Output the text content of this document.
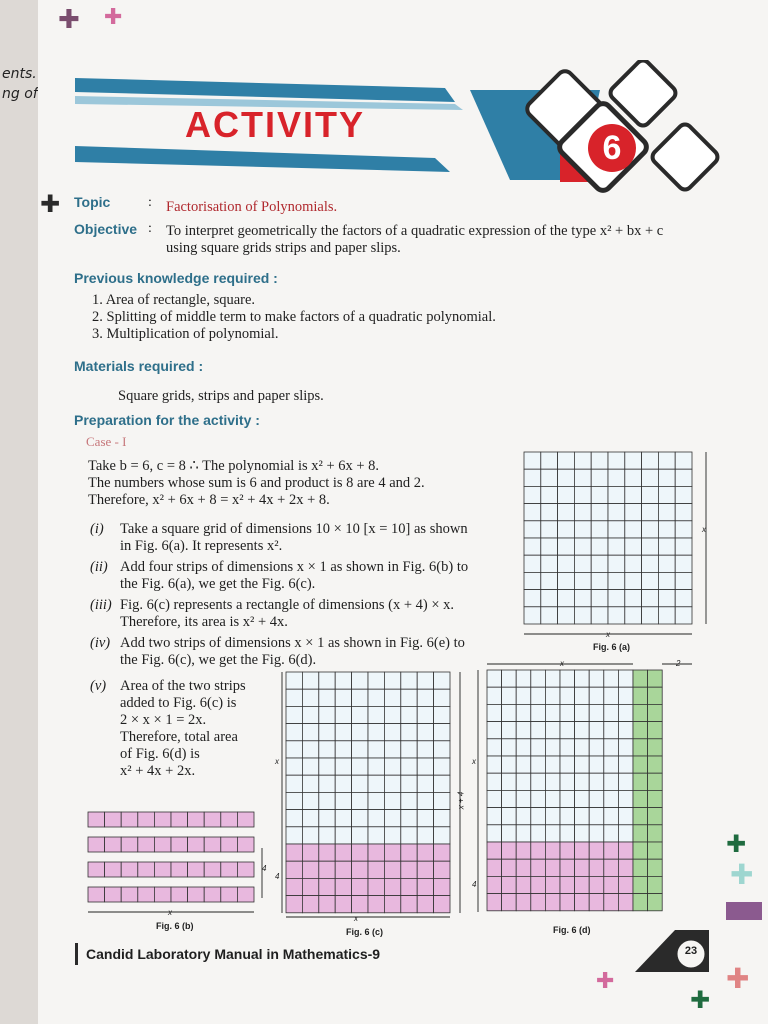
ents.
ng of
✚ ✚
ACTIVITY
6
✚ Topic	: Factorisation of Polynomials.
Objective : To interpret geometrically the factors of a quadratic expression of the type x² + bx + c
using square grids strips and paper slips.
Previous knowledge required :
1. Area of rectangle, square.
2. Splitting of middle term to make factors of a quadratic polynomial.
3. Multiplication of polynomial.
Materials required :
Square grids, strips and paper slips.
Preparation for the activity :
Case - I
Take b = 6, c = 8 ∴ The polynomial is x² + 6x + 8.
The numbers whose sum is 6 and product is 8 are 4 and 2.
Therefore, x² + 6x + 8 = x² + 4x + 2x + 8.
(i) Take a square grid of dimensions 10 × 10 [x = 10] as shown
in Fig. 6(a). It represents x².
(ii) Add four strips of dimensions x × 1 as shown in Fig. 6(b) to
the Fig. 6(a), we get the Fig. 6(c).
(iii) Fig. 6(c) represents a rectangle of dimensions (x + 4) × x.
Therefore, its area is x² + 4x.
(iv) Add two strips of dimensions x × 1 as shown in Fig. 6(e) to
the Fig. 6(c), we get the Fig. 6(d).
(v) Area of the two strips
added to Fig. 6(c) is
2 × x × 1 = 2x.
Therefore, total area
of Fig. 6(d) is
x² + 4x + 2x.
Fig. 6 (a)
x
x
Fig. 6 (b)
x
4
Fig. 6 (c)
x
x
4
x + 4
Fig. 6 (d)
x	2
x
4
Candid Laboratory Manual in Mathematics-9	23
✚
✚
✚
✚
✚
